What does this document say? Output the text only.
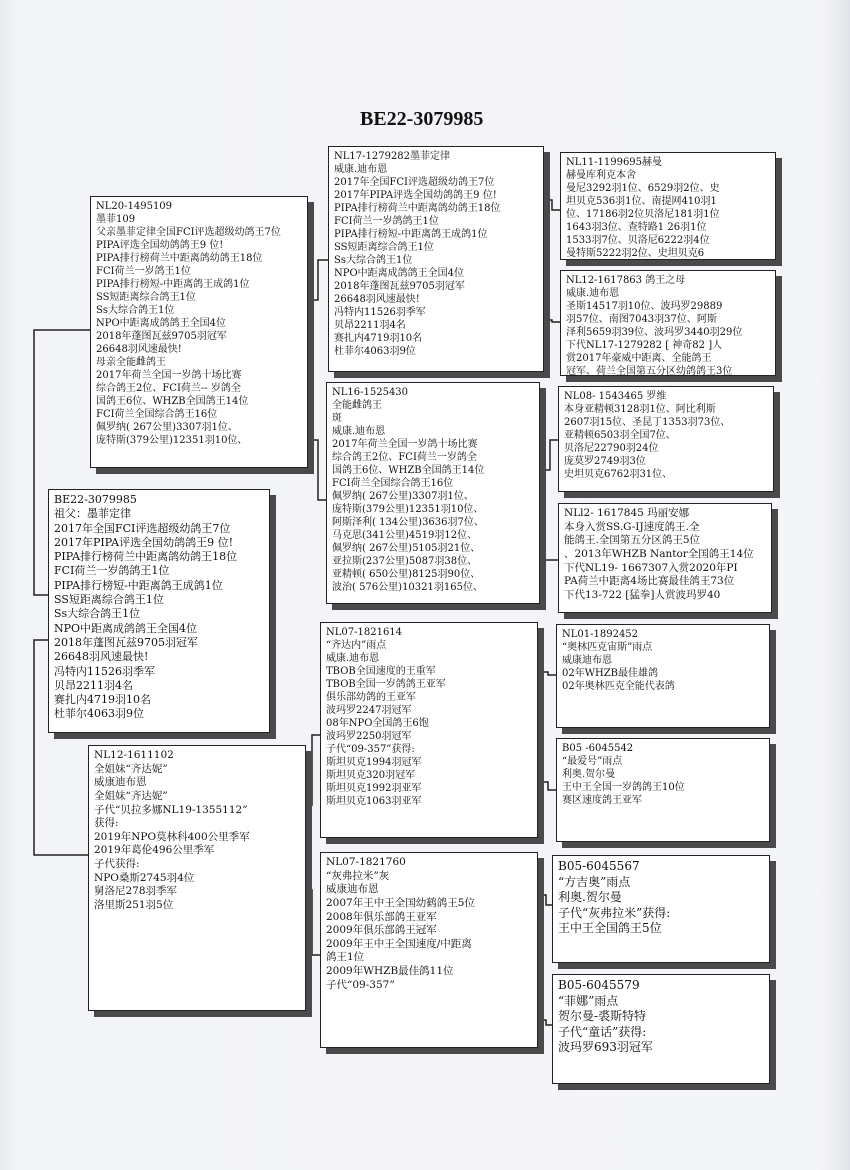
BE22-3079985
BE22-3079985
祖父：墨菲定律
2017年全国FCI评选超级幼鸽王7位
2017年PIPA评选全国幼鸽鸽王9 位!
PIPA排行榜荷兰中距离鸽幼鸽王18位
FCI荷兰一岁鸽鸽王1位
PIPA排行榜短-中距离鸽王成鸽1位
SS短距离综合鸽王1位
Ss大综合鸽王1位
NPO中距离成鸽鸽王全国4位
2018年蓬图瓦兹9705羽冠军
26648羽风速最快!
冯特内11526羽季军
贝昂2211羽4名
赛扎内4719羽10名
杜菲尔4063羽9位
NL20-1495109
墨菲109
父亲墨菲定律全国FCI评选超级幼鸽王7位
PIPA评选全国幼鸽鸽王9 位!
PIPA排行榜荷兰中距离鸽幼鸽王18位
FCI荷兰一岁鸽王1位
PIPA排行榜短-中距离鸽王成鸽1位
SS短距离综合鸽王1位
Ss大综合鸽王1位
NPO中距离成鸽鸽王全国4位
2018年蓬图瓦兹9705羽冠军
26648羽风速最快!
母亲全能雌鸽王
2017年荷兰全国一岁鸽十场比赛
综合鸽王2位、FCI荷兰-- 岁鸽全
国鸽王6位、WHZB全国鸽王14位
FCI荷兰全国综合鸽王16位
佩罗纳( 267公里)3307羽1位、
庞特斯(379公里)12351羽10位、
NL12-1611102
全姐妹“齐达妮”
威康迪布恩
全姐妹“齐达妮”
子代“贝拉多娜NL19-1355112”
获得:
2019年NPO莫林科400公里季军
2019年葛伦496公里季军
子代获得:
NPO桑斯2745羽4位
舅洛尼278羽季军
洛里斯251羽5位
NL17-1279282墨菲定律
威康.迪布恩
2017年全国FCI评选超级幼鸽王7位
2017年PIPA评选全国幼鸽鸽王9 位!
PIPA排行榜荷兰中距离鸽幼鸽王18位
FCI荷兰一岁鸽鸽王1位
PIPA排行榜短-中距离鸽王成鸽1位
SS短距离综合鸽王1位
Ss大综合鸽王1位
NPO中距离成鸽鸽王全国4位
2018年蓬图瓦兹9705羽冠军
26648羽风速最快!
冯特内11526羽季军
贝昂2211羽4名
赛扎内4719羽10名
杜菲尔4063羽9位
NL16-1525430
全能雌鸽王
斑
威康.迪布恩
2017年荷兰全国一岁鸽十场比赛
综合鸽王2位、FCI荷兰一岁鸽全
国鸽王6位、WHZB全国鸽王14位
FCI荷兰全国综合鸽王16位
佩罗纳( 267公里)3307羽1位、
庞特斯(379公里)12351羽10位、
阿斯泽利( 134公里)3636羽7位、
马克思(341公里)4519羽12位、
佩罗纳( 267公里)5105羽21位、
亚拉斯(237公里)5087羽38位、
亚精顿( 650公里)8125羽90位、
波治( 576公里)10321羽165位、
NL07-1821614
“齐达内”雨点
威康.迪布恩
TBOB全国速度的王重军
TBOB全国一岁鸽鸽王亚军
俱乐部幼鸽的王亚军
波玛罗2247羽冠军
08年NPO全国鸽王6饱
波玛罗2250羽冠军
子代“09-357”获得:
斯坦贝克1994羽冠军
斯坦贝克320羽冠军
斯坦贝克1992羽亚军
斯坦贝克1063羽亚军
NL07-1821760
“灰弗拉米”灰
威康迪布恩
2007年王中王全国幼鹤鸽王5位
2008年俱乐部鸽王亚军
2009年俱乐部鸽王冠军
2009年王中王全国速度/中距离
鸽王1位
2009年WHZB最佳鸽11位
子代“09-357”
NL11-1199695赫曼
赫曼库利克本舍
曼尼3292羽1位、6529羽2位、史
坦贝克536羽1位、南提网410羽1
位、17186羽2位贝洛尼181羽1位
1643羽3位、查特路1 26羽1位
1533羽7位、贝洛尼6222羽4位
曼特斯5222羽2位、史坦贝克6
NL12-1617863 鸽王之母
威康.迪布恩
圣斯14517羽10位、波玛罗29889
羽57位、南图7043羽37位、阿斯
泽利5659羽39位、波玛罗3440羽29位
下代NL17-1279282 [ 神奇82 ]人
赏2017年豪威中距离、全能鸽王
冠军、荷兰全国第五分区幼鸽鸽王3位
NL08- 1543465 罗维
本身亚精顿3128羽1位、阿比利斯
2607羽15位、圣昆丁1353羽73位、
亚精顿6503羽全国7位、
贝洛尼22790羽24位
庞莫罗2749羽3位
史坦贝克6762羽31位、
NLl2- 1617845 玛丽安娜
本身入赏SS.G-IJ速度鸽王.全
能鸽王.全国第五分区鸽王5位
、2013年WHZB Nantor全国鸽王14位
下代NL19- 1667307入赏2020年PI
PA荷兰中距离4场比赛最佳鸽王73位
下代13-722 [猛拳]人赏波玛罗40
NL01-1892452
“奥林匹克宙斯”雨点
威康迪布恩
02年WHZB最佳雄鸽
02年奥林匹克全能代表鸽
B05 -6045542
“最爱号”雨点
利奥.贺尔曼
王中王全国一岁鸽鸽王10位
赛区速度鸽王亚军
B05-6045567
“方吉奥”雨点
利奥.贺尔曼
子代“灰弗拉米”获得:
王中王全国鸽王5位
B05-6045579
“菲娜”雨点
贺尔曼-裘斯特特
子代“童话”获得:
波玛罗693羽冠军
